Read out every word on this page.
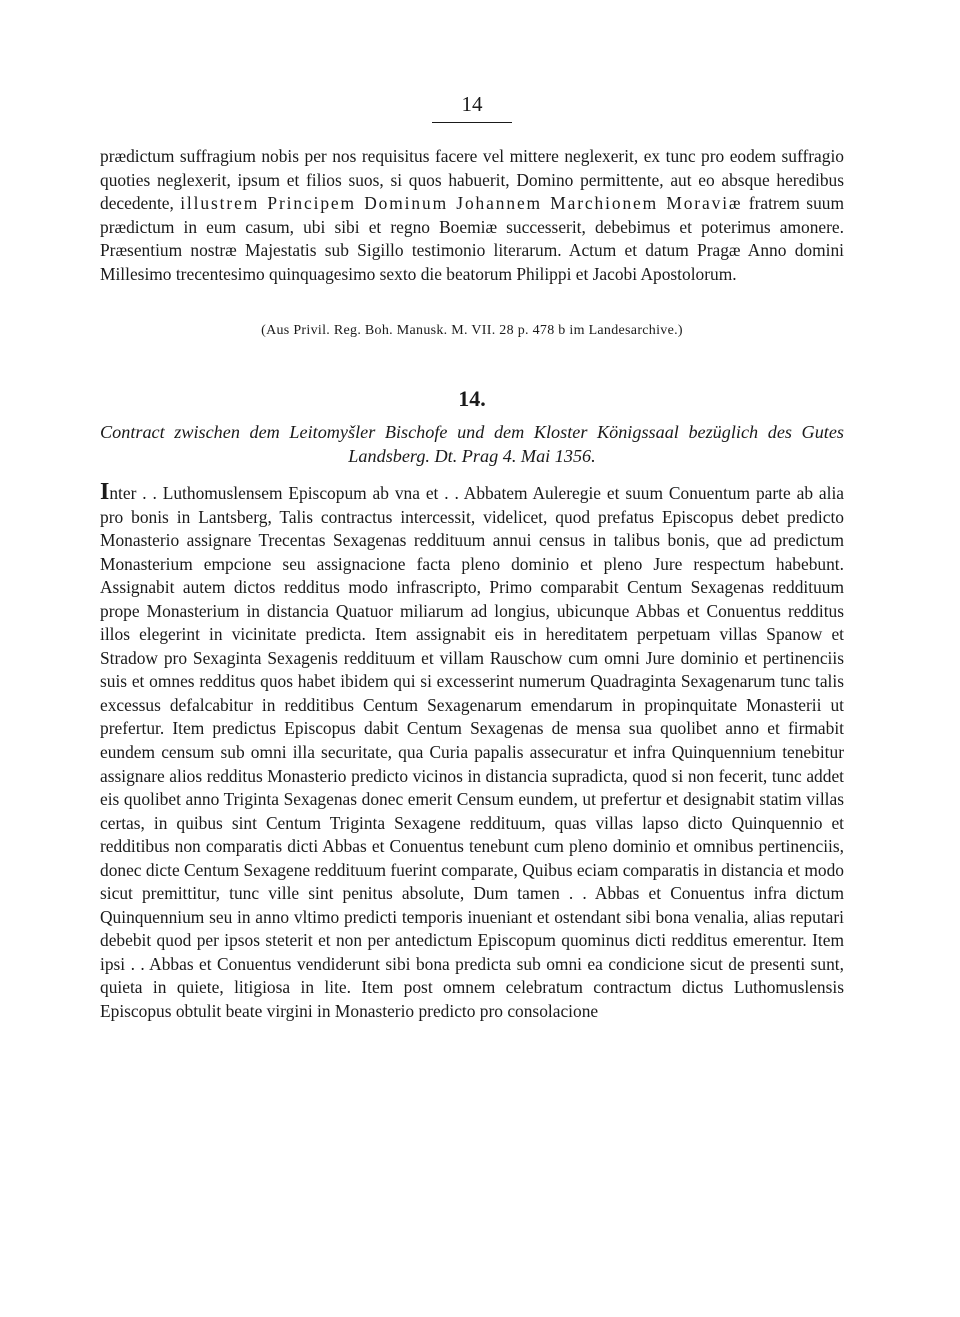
14

prædictum suffragium nobis per nos requisitus facere vel mittere neglexerit, ex tunc pro eodem suffragio quoties neglexerit, ipsum et filios suos, si quos habuerit, Domino permittente, aut eo absque heredibus decedente, illustrem Principem Dominum Johannem Marchionem Moraviæ fratrem suum prædictum in eum casum, ubi sibi et regno Boemiæ successerit, debebimus et poterimus amonere. Præsentium nostræ Majestatis sub Sigillo testimonio literarum. Actum et datum Pragæ Anno domini Millesimo trecentesimo quinquagesimo sexto die beatorum Philippi et Jacobi Apostolorum.

(Aus Privil. Reg. Boh. Manusk. M. VII. 28 p. 478 b im Landesarchive.)
14.

Contract zwischen dem Leitomyšler Bischofe und dem Kloster Königssaal bezüglich des Gutes Landsberg. Dt. Prag 4. Mai 1356.

Inter . . Luthomuslensem Episcopum ab vna et . . Abbatem Auleregie et suum Conuentum parte ab alia pro bonis in Lantsberg, Talis contractus intercessit, videlicet, quod prefatus Episcopus debet predicto Monasterio assignare Trecentas Sexagenas reddituum annui census in talibus bonis, que ad predictum Monasterium empcione seu assignacione facta pleno dominio et pleno Jure respectum habebunt. Assignabit autem dictos redditus modo infrascripto, Primo comparabit Centum Sexagenas reddituum prope Monasterium in distancia Quatuor miliarum ad longius, ubicunque Abbas et Conuentus redditus illos elegerint in vicinitate predicta. Item assignabit eis in hereditatem perpetuam villas Spanow et Stradow pro Sexaginta Sexagenis reddituum et villam Rauschow cum omni Jure dominio et pertinenciis suis et omnes redditus quos habet ibidem qui si excesserint numerum Quadraginta Sexagenarum tunc talis excessus defalcabitur in redditibus Centum Sexagenarum emendarum in propinquitate Monasterii ut prefertur. Item predictus Episcopus dabit Centum Sexagenas de mensa sua quolibet anno et firmabit eundem censum sub omni illa securitate, qua Curia papalis assecuratur et infra Quinquennium tenebitur assignare alios redditus Monasterio predicto vicinos in distancia supradicta, quod si non fecerit, tunc addet eis quolibet anno Triginta Sexagenas donec emerit Censum eundem, ut prefertur et designabit statim villas certas, in quibus sint Centum Triginta Sexagene reddituum, quas villas lapso dicto Quinquennio et redditibus non comparatis dicti Abbas et Conuentus tenebunt cum pleno dominio et omnibus pertinenciis, donec dicte Centum Sexagene reddituum fuerint comparate, Quibus eciam comparatis in distancia et modo sicut premittitur, tunc ville sint penitus absolute, Dum tamen . . Abbas et Conuentus infra dictum Quinquennium seu in anno vltimo predicti temporis inueniant et ostendant sibi bona venalia, alias reputari debebit quod per ipsos steterit et non per antedictum Episcopum quominus dicti redditus emerentur. Item ipsi . . Abbas et Conuentus vendiderunt sibi bona predicta sub omni ea condicione sicut de presenti sunt, quieta in quiete, litigiosa in lite. Item post omnem celebratum contractum dictus Luthomuslensis Episcopus obtulit beate virgini in Monasterio predicto pro consolacione
